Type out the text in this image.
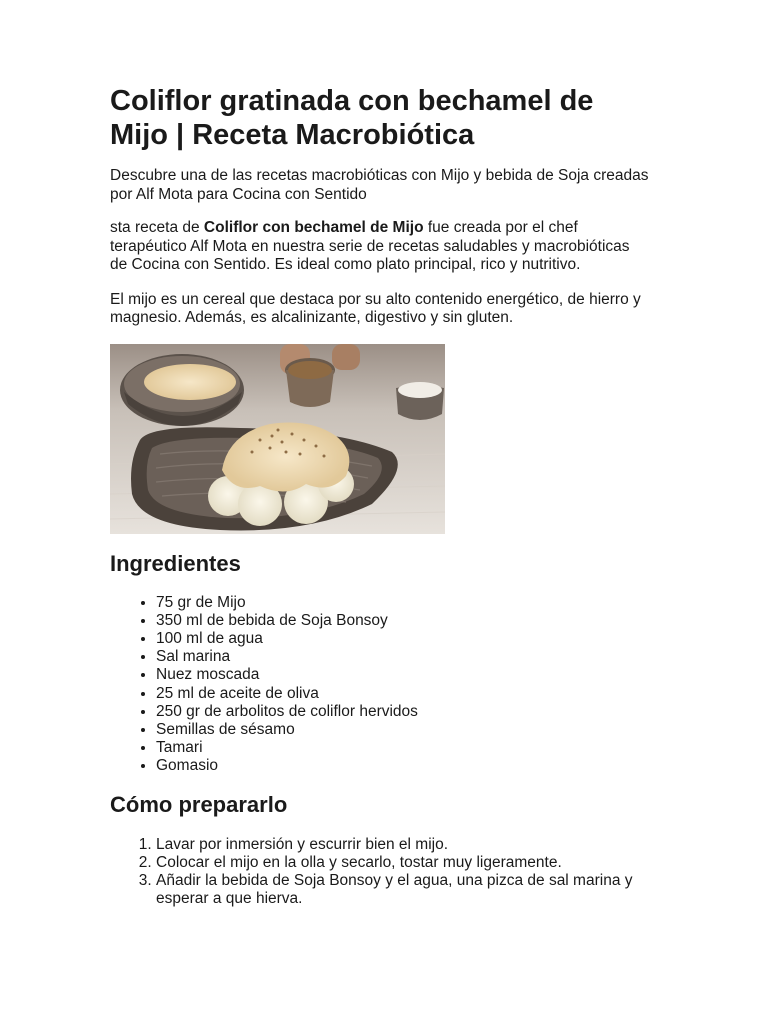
Coliflor gratinada con bechamel de Mijo | Receta Macrobiótica

Descubre una de las recetas macrobióticas con Mijo y bebida de Soja creadas por Alf Mota para Cocina con Sentido

sta receta de Coliflor con bechamel de Mijo fue creada por el chef terapéutico Alf Mota en nuestra serie de recetas saludables y macrobióticas de Cocina con Sentido. Es ideal como plato principal, rico y nutritivo.

El mijo es un cereal que destaca por su alto contenido energético, de hierro y magnesio. Además, es alcalinizante, digestivo y sin gluten.

Ingredientes
• 75 gr de Mijo
• 350 ml de bebida de Soja Bonsoy
• 100 ml de agua
• Sal marina
• Nuez moscada
• 25 ml de aceite de oliva
• 250 gr de arbolitos de coliflor hervidos
• Semillas de sésamo
• Tamari
• Gomasio
Cómo prepararlo
1. Lavar por inmersión y escurrir bien el mijo.
2. Colocar el mijo en la olla y secarlo, tostar muy ligeramente.
3. Añadir la bebida de Soja Bonsoy y el agua, una pizca de sal marina y esperar a que hierva.
